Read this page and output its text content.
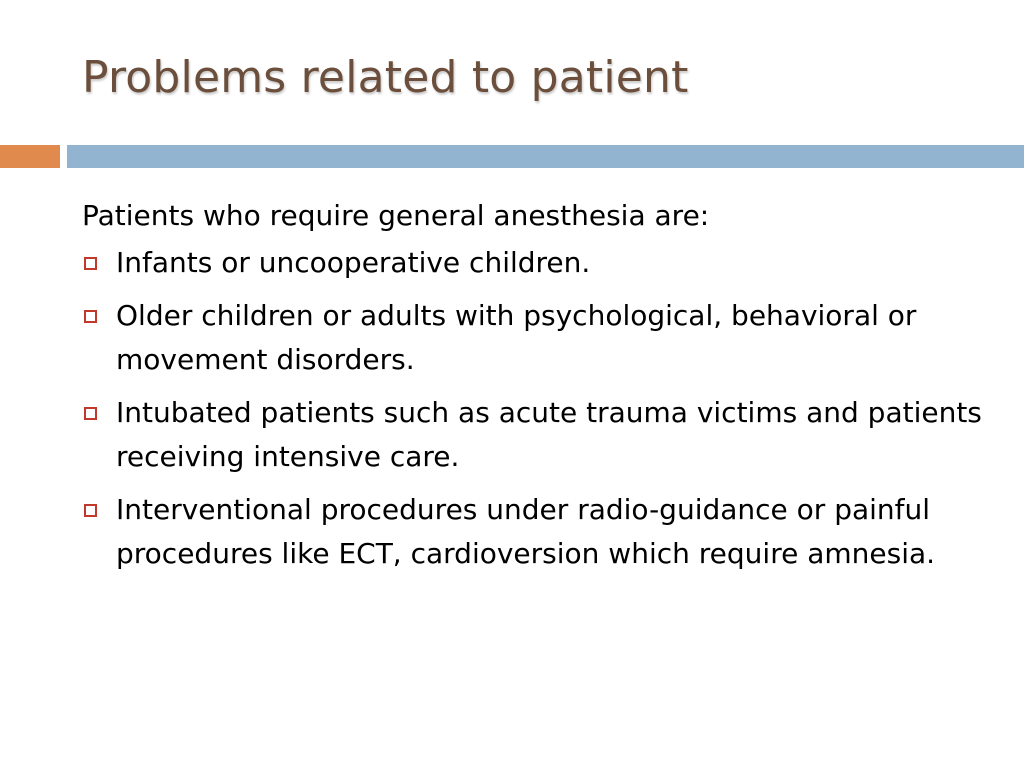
Problems related to patient

Patients who require general anesthesia are:

Infants or uncooperative children.
Older children or adults with psychological, behavioral or movement disorders.
Intubated patients such as acute trauma victims and patients receiving intensive care.
Interventional procedures under radio-guidance or painful procedures like ECT, cardioversion which require amnesia.
